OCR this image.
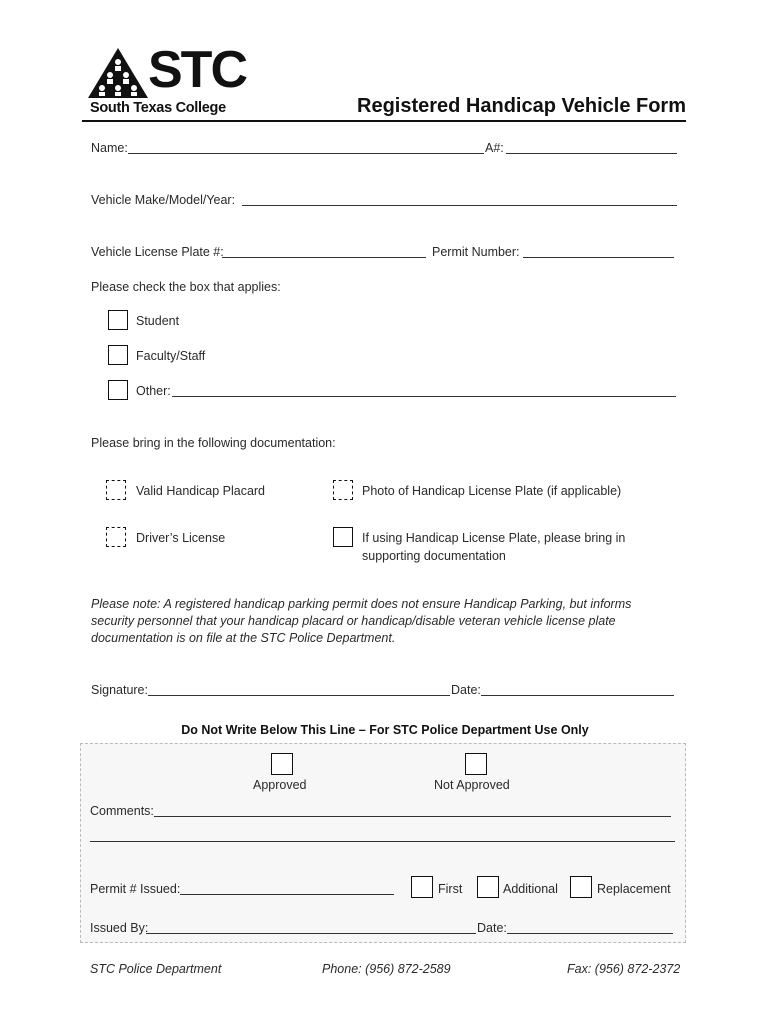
STC
South Texas College	Registered Handicap Vehicle Form
Name:	A#:
Vehicle Make/Model/Year:
Vehicle License Plate #:	Permit Number:
Please check the box that applies:
Student
Faculty/Staff
Other:
Please bring in the following documentation:
Valid Handicap Placard	Photo of Handicap License Plate (if applicable)
Driver’s License	If using Handicap License Plate, please bring in
supporting documentation
Please note: A registered handicap parking permit does not ensure Handicap Parking, but informs
security personnel that your handicap placard or handicap/disable veteran vehicle license plate
documentation is on file at the STC Police Department.
Signature:	Date:
Do Not Write Below This Line – For STC Police Department Use Only
Approved	Not Approved
Comments:
Permit # Issued:	First	Additional	Replacement
Issued By:	Date:
STC Police Department	Phone: (956) 872-2589	Fax: (956) 872-2372
